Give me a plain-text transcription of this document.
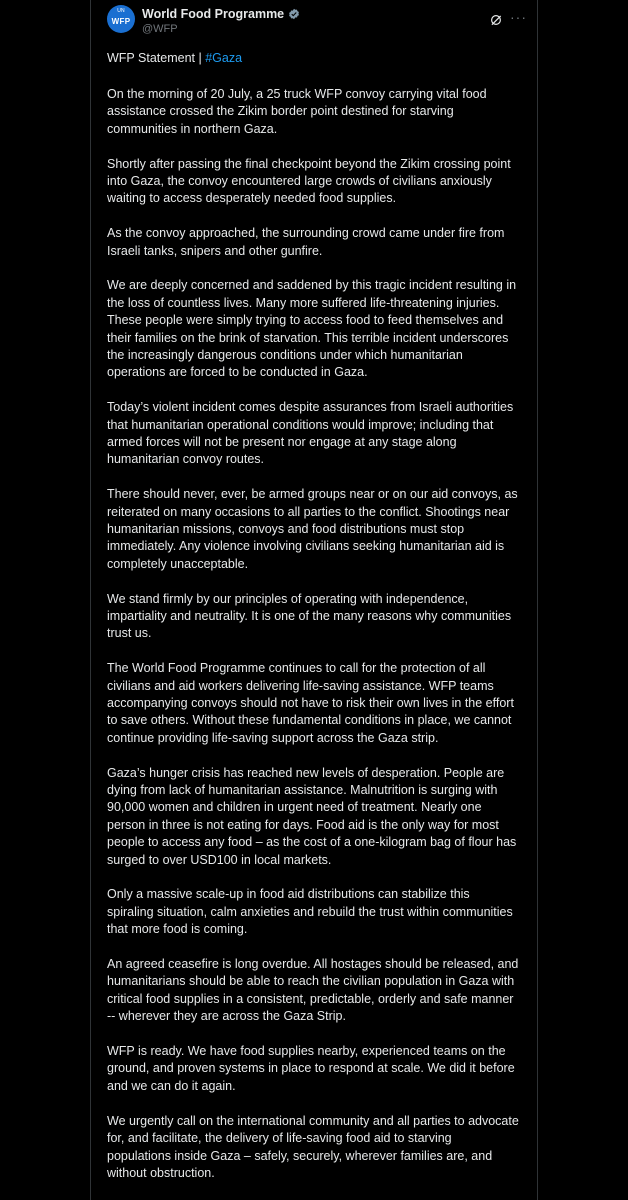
UN
WFP
World Food Programme
@WFP
···

WFP Statement | #Gaza

On the morning of 20 July, a 25 truck WFP convoy carrying vital food assistance crossed the Zikim border point destined for starving communities in northern Gaza.

Shortly after passing the final checkpoint beyond the Zikim crossing point into Gaza, the convoy encountered large crowds of civilians anxiously waiting to access desperately needed food supplies.

As the convoy approached, the surrounding crowd came under fire from Israeli tanks, snipers and other gunfire.

We are deeply concerned and saddened by this tragic incident resulting in the loss of countless lives. Many more suffered life-threatening injuries. These people were simply trying to access food to feed themselves and their families on the brink of starvation. This terrible incident underscores the increasingly dangerous conditions under which humanitarian operations are forced to be conducted in Gaza.

Today’s violent incident comes despite assurances from Israeli authorities that humanitarian operational conditions would improve; including that armed forces will not be present nor engage at any stage along humanitarian convoy routes.

There should never, ever, be armed groups near or on our aid convoys, as reiterated on many occasions to all parties to the conflict. Shootings near humanitarian missions, convoys and food distributions must stop immediately. Any violence involving civilians seeking humanitarian aid is completely unacceptable.

We stand firmly by our principles of operating with independence, impartiality and neutrality. It is one of the many reasons why communities trust us.

The World Food Programme continues to call for the protection of all civilians and aid workers delivering life-saving assistance. WFP teams accompanying convoys should not have to risk their own lives in the effort to save others. Without these fundamental conditions in place, we cannot continue providing life-saving support across the Gaza strip.

Gaza’s hunger crisis has reached new levels of desperation. People are dying from lack of humanitarian assistance. Malnutrition is surging with 90,000 women and children in urgent need of treatment. Nearly one person in three is not eating for days. Food aid is the only way for most people to access any food – as the cost of a one-kilogram bag of flour has surged to over USD100 in local markets.

Only a massive scale-up in food aid distributions can stabilize this spiraling situation, calm anxieties and rebuild the trust within communities that more food is coming.

An agreed ceasefire is long overdue. All hostages should be released, and humanitarians should be able to reach the civilian population in Gaza with critical food supplies in a consistent, predictable, orderly and safe manner -- wherever they are across the Gaza Strip.

WFP is ready. We have food supplies nearby, experienced teams on the ground, and proven systems in place to respond at scale. We did it before and we can do it again.

We urgently call on the international community and all parties to advocate for, and facilitate, the delivery of life-saving food aid to starving populations inside Gaza – safely, securely, wherever families are, and without obstruction.
